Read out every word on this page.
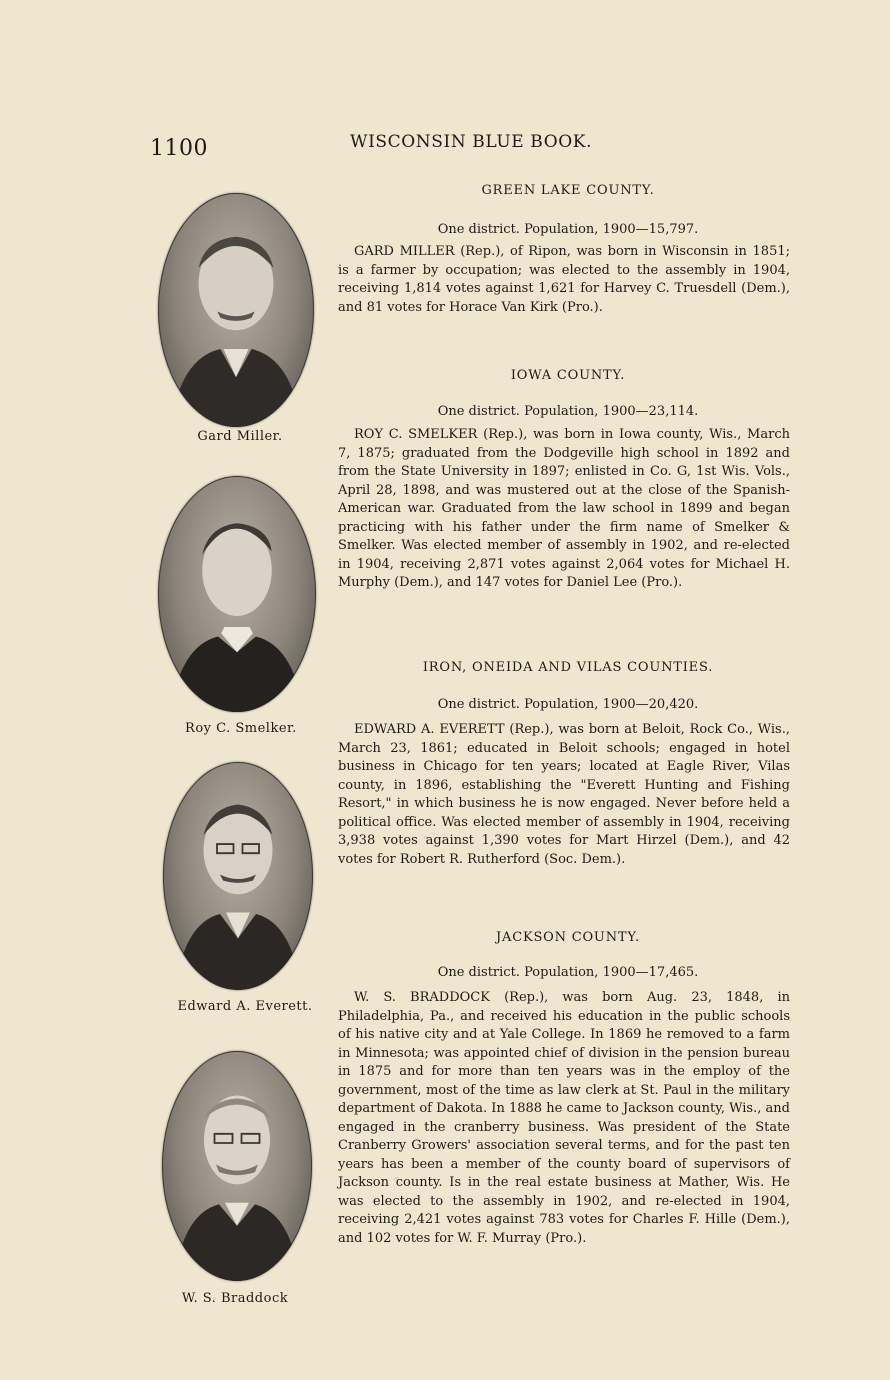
1100	WISCONSIN BLUE BOOK.
Gard Miller.
Roy C. Smelker.
Edward A. Everett.
W. S. Braddock
GREEN LAKE COUNTY.
One district. Population, 1900—15,797.

GARD MILLER (Rep.), of Ripon, was born in Wisconsin in 1851; is a farmer by occupation; was elected to the assembly in 1904, receiving 1,814 votes against 1,621 for Harvey C. Truesdell (Dem.), and 81 votes for Horace Van Kirk (Pro.).

IOWA COUNTY.
One district. Population, 1900—23,114.

ROY C. SMELKER (Rep.), was born in Iowa county, Wis., March 7, 1875; graduated from the Dodgeville high school in 1892 and from the State University in 1897; enlisted in Co. G, 1st Wis. Vols., April 28, 1898, and was mustered out at the close of the Spanish-American war. Graduated from the law school in 1899 and began practicing with his father under the firm name of Smelker & Smelker. Was elected member of assembly in 1902, and re-elected in 1904, receiving 2,871 votes against 2,064 votes for Michael H. Murphy (Dem.), and 147 votes for Daniel Lee (Pro.).

IRON, ONEIDA AND VILAS COUNTIES.
One district. Population, 1900—20,420.

EDWARD A. EVERETT (Rep.), was born at Beloit, Rock Co., Wis., March 23, 1861; educated in Beloit schools; engaged in hotel business in Chicago for ten years; located at Eagle River, Vilas county, in 1896, establishing the "Everett Hunting and Fishing Resort," in which business he is now engaged. Never before held a political office. Was elected member of assembly in 1904, receiving 3,938 votes against 1,390 votes for Mart Hirzel (Dem.), and 42 votes for Robert R. Rutherford (Soc. Dem.).

JACKSON COUNTY.
One district. Population, 1900—17,465.

W. S. BRADDOCK (Rep.), was born Aug. 23, 1848, in Philadelphia, Pa., and received his education in the public schools of his native city and at Yale College. In 1869 he removed to a farm in Minnesota; was appointed chief of division in the pension bureau in 1875 and for more than ten years was in the employ of the government, most of the time as law clerk at St. Paul in the military department of Dakota. In 1888 he came to Jackson county, Wis., and engaged in the cranberry business. Was president of the State Cranberry Growers' association several terms, and for the past ten years has been a member of the county board of supervisors of Jackson county. Is in the real estate business at Mather, Wis. He was elected to the assembly in 1902, and re-elected in 1904, receiving 2,421 votes against 783 votes for Charles F. Hille (Dem.), and 102 votes for W. F. Murray (Pro.).
